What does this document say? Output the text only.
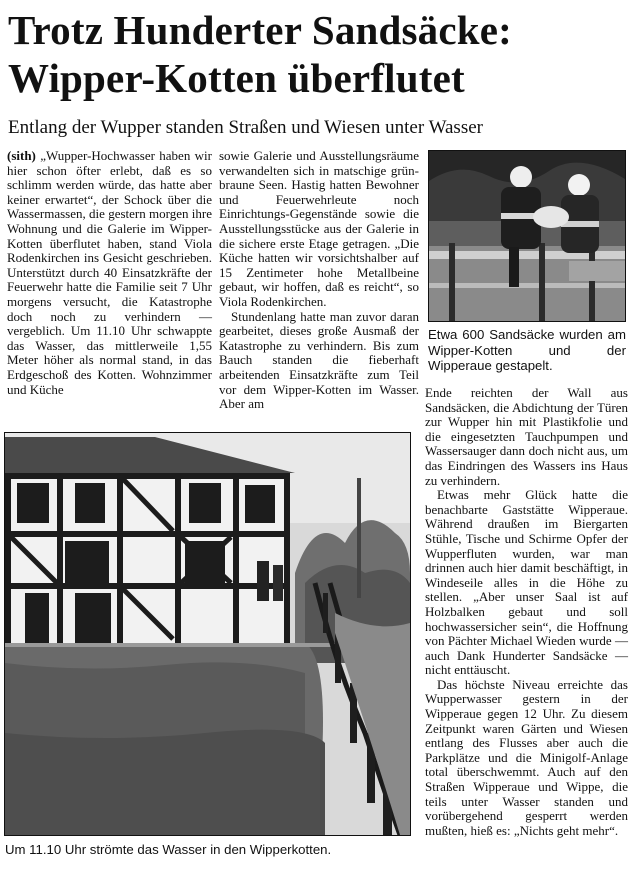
Trotz Hunderter Sandsäcke:
Wipper-Kotten überflutet

Entlang der Wupper standen Straßen und Wiesen unter Wasser

(sith) „Wupper-Hochwasser haben wir hier schon öfter erlebt, daß es so schlimm werden würde, das hatte aber keiner erwartet“, der Schock über die Wassermassen, die gestern morgen ihre Wohnung und die Galerie im Wipper-Kotten überflutet haben, stand Viola Rodenkirchen ins Gesicht geschrieben. Unterstützt durch 40 Einsatzkräfte der Feuerwehr hatte die Familie seit 7 Uhr morgens versucht, die Katastrophe doch noch zu verhindern — vergeblich. Um 11.10 Uhr schwappte das Wasser, das mittlerweile 1,55 Meter höher als normal stand, in das Erdgeschoß des Kotten. Wohnzimmer und Küche

sowie Galerie und Ausstellungsräume verwandelten sich in matschige grün-braune Seen. Hastig hatten Bewohner und Feuerwehrleute noch Einrichtungs-Gegenstände sowie die Ausstellungsstücke aus der Galerie in die sichere erste Etage getragen. „Die Küche hatten wir vorsichtshalber auf 15 Zentimeter hohe Metallbeine gebaut, wir hoffen, daß es reicht“, so Viola Rodenkirchen.

Stundenlang hatte man zuvor daran gearbeitet, dieses große Ausmaß der Katastrophe zu verhindern. Bis zum Bauch standen die fieberhaft arbeitenden Einsatzkräfte zum Teil vor dem Wipper-Kotten im Wasser. Aber am

Etwa 600 Sandsäcke wurden am Wipper-Kotten und der Wipperaue gestapelt.

Ende reichten der Wall aus Sandsäcken, die Abdichtung der Türen zur Wupper hin mit Plastikfolie und die eingesetzten Tauchpumpen und Wassersauger dann doch nicht aus, um das Eindringen des Wassers ins Haus zu verhindern.

Etwas mehr Glück hatte die benachbarte Gaststätte Wipperaue. Während draußen im Biergarten Stühle, Tische und Schirme Opfer der Wupperfluten wurden, war man drinnen auch hier damit beschäftigt, in Windeseile alles in die Höhe zu stellen. „Aber unser Saal ist auf Holzbalken gebaut und soll hochwassersicher sein“, die Hoffnung von Pächter Michael Wieden wurde — auch Dank Hunderter Sandsäcke — nicht enttäuscht.

Das höchste Niveau erreichte das Wupperwasser gestern in der Wipperaue gegen 12 Uhr. Zu diesem Zeitpunkt waren Gärten und Wiesen entlang des Flusses aber auch die Parkplätze und die Minigolf-Anlage total überschwemmt. Auch auf den Straßen Wipperaue und Wippe, die teils unter Wasser standen und vorübergehend gesperrt werden mußten, hieß es: „Nichts geht mehr“.

Um 11.10 Uhr strömte das Wasser in den Wipperkotten.
